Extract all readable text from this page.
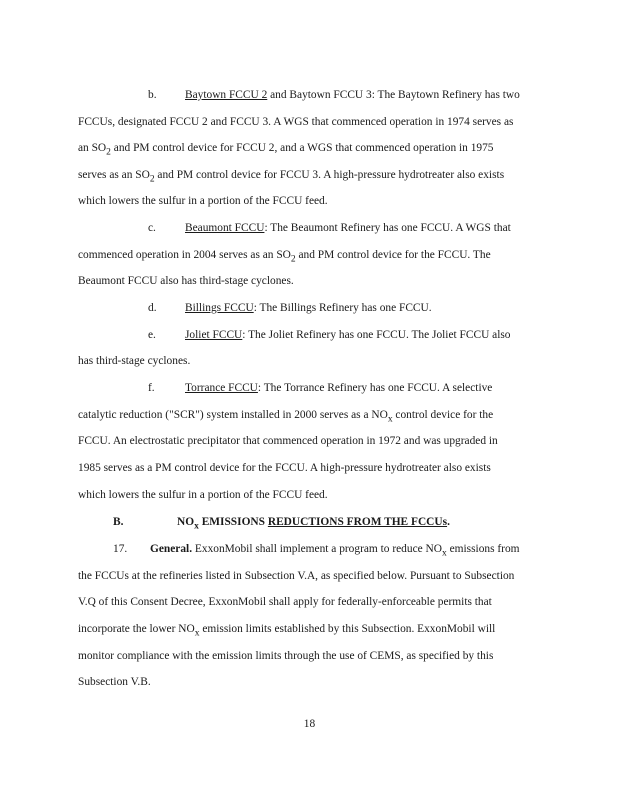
b. Baytown FCCU 2 and Baytown FCCU 3: The Baytown Refinery has two
FCCUs, designated FCCU 2 and FCCU 3. A WGS that commenced operation in 1974 serves as
an $SO_2$ and PM control device for FCCU 2, and a WGS that commenced operation in 1975
serves as an $SO_2$ and PM control device for FCCU 3. A high-pressure hydrotreater also exists
which lowers the sulfur in a portion of the FCCU feed.
c.	Beaumont FCCU: The Beaumont Refinery has one FCCU. A WGS that
commenced operation in 2004 serves as an $SO_2$ and PM control device for the FCCU. The
Beaumont FCCU also has third-stage cyclones.
d. Billings FCCU: The Billings Refinery has one FCCU.
e.	Joliet FCCU: The Joliet Refinery has one FCCU. The Joliet FCCU also
has third-stage cyclones.
f.	Torrance FCCU: The Torrance Refinery has one FCCU. A selective
catalytic reduction ("SCR") system installed in 2000 serves as a $NO_x$ control device for the
FCCU. An electrostatic precipitator that commenced operation in 1972 and was upgraded in
1985 serves as a PM control device for the FCCU. A high-pressure hydrotreater also exists
which lowers the sulfur in a portion of the FCCU feed.
B.	$NO_x$ EMISSIONS REDUCTIONS FROM THE FCCUs.
17. General. ExxonMobil shall implement a program to reduce $NO_x$ emissions from
the FCCUs at the refineries listed in Subsection V.A, as specified below. Pursuant to Subsection
V.Q of this Consent Decree, ExxonMobil shall apply for federally-enforceable permits that
incorporate the lower $NO_x$ emission limits established by this Subsection. ExxonMobil will
monitor compliance with the emission limits through the use of CEMS, as specified by this
Subsection V.B.
18
